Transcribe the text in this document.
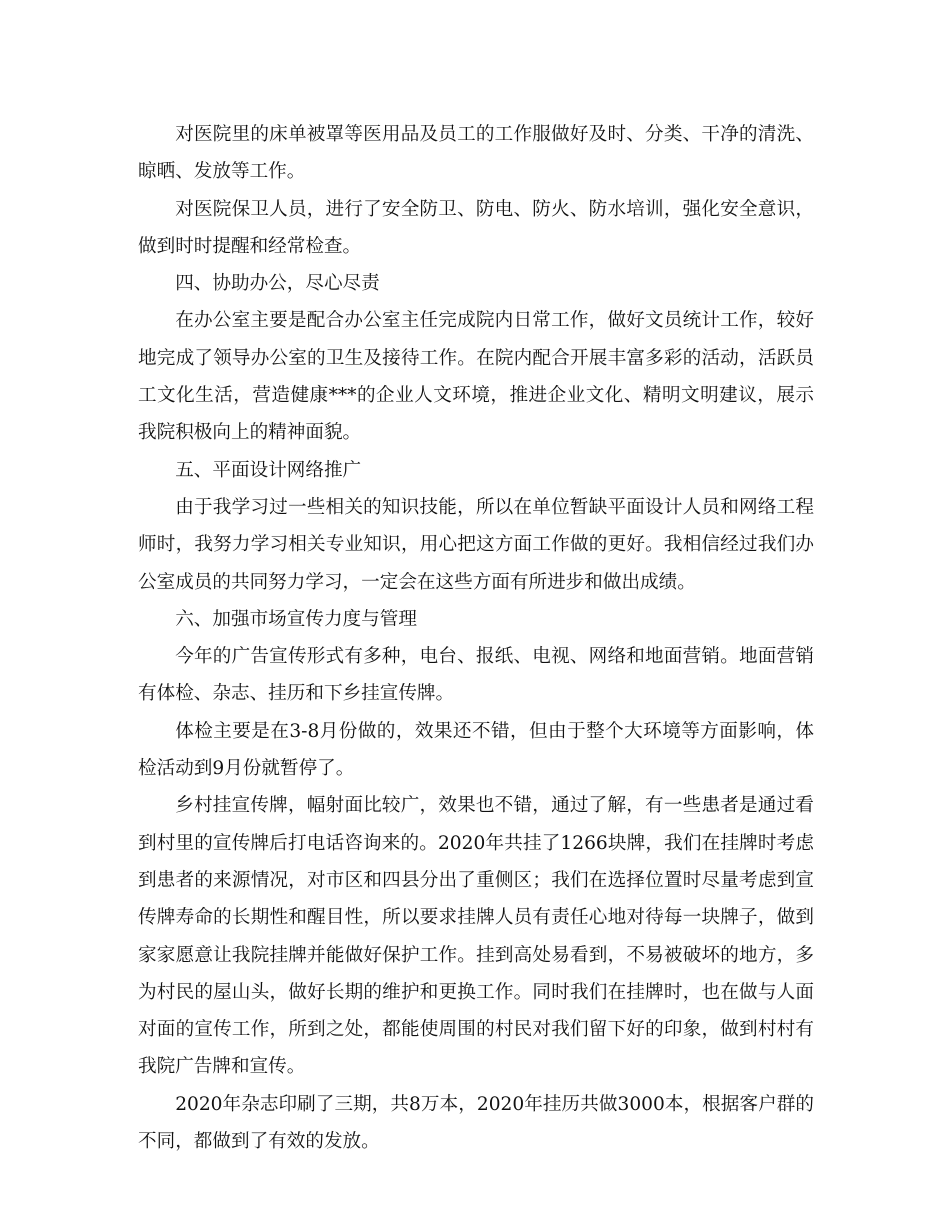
对医院里的床单被罩等医用品及员工的工作服做好及时、分类、干净的清洗、晾晒、发放等工作。

对医院保卫人员，进行了安全防卫、防电、防火、防水培训，强化安全意识，做到时时提醒和经常检查。

四、协助办公，尽心尽责

在办公室主要是配合办公室主任完成院内日常工作，做好文员统计工作，较好地完成了领导办公室的卫生及接待工作。在院内配合开展丰富多彩的活动，活跃员工文化生活，营造健康***的企业人文环境，推进企业文化、精明文明建议，展示我院积极向上的精神面貌。

五、平面设计网络推广

由于我学习过一些相关的知识技能，所以在单位暂缺平面设计人员和网络工程师时，我努力学习相关专业知识，用心把这方面工作做的更好。我相信经过我们办公室成员的共同努力学习，一定会在这些方面有所进步和做出成绩。

六、加强市场宣传力度与管理

今年的广告宣传形式有多种，电台、报纸、电视、网络和地面营销。地面营销有体检、杂志、挂历和下乡挂宣传牌。

体检主要是在3-8月份做的，效果还不错，但由于整个大环境等方面影响，体检活动到9月份就暂停了。

乡村挂宣传牌，幅射面比较广，效果也不错，通过了解，有一些患者是通过看到村里的宣传牌后打电话咨询来的。2020年共挂了1266块牌，我们在挂牌时考虑到患者的来源情况，对市区和四县分出了重侧区；我们在选择位置时尽量考虑到宣传牌寿命的长期性和醒目性，所以要求挂牌人员有责任心地对待每一块牌子，做到家家愿意让我院挂牌并能做好保护工作。挂到高处易看到，不易被破坏的地方，多为村民的屋山头，做好长期的维护和更换工作。同时我们在挂牌时，也在做与人面对面的宣传工作，所到之处，都能使周围的村民对我们留下好的印象，做到村村有我院广告牌和宣传。

2020年杂志印刷了三期，共8万本，2020年挂历共做3000本，根据客户群的不同，都做到了有效的发放。
